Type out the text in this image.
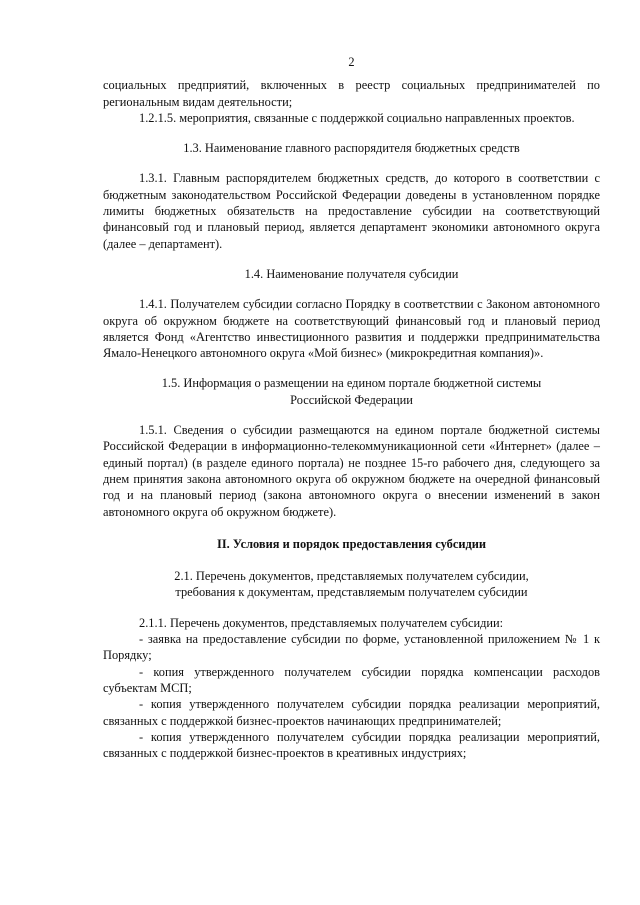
2

социальных предприятий, включенных в реестр социальных предпринимателей по региональным видам деятельности;

1.2.1.5. мероприятия, связанные с поддержкой социально направленных проектов.

1.3. Наименование главного распорядителя бюджетных средств

1.3.1. Главным распорядителем бюджетных средств, до которого в соответствии с бюджетным законодательством Российской Федерации доведены в установленном порядке лимиты бюджетных обязательств на предоставление субсидии на соответствующий финансовый год и плановый период, является департамент экономики автономного округа (далее – департамент).

1.4. Наименование получателя субсидии

1.4.1. Получателем субсидии согласно Порядку в соответствии с Законом автономного округа об окружном бюджете на соответствующий финансовый год и плановый период является Фонд «Агентство инвестиционного развития и поддержки предпринимательства Ямало-Ненецкого автономного округа «Мой бизнес» (микрокредитная компания)».

1.5. Информация о размещении на едином портале бюджетной системы
Российской Федерации

1.5.1. Сведения о субсидии размещаются на едином портале бюджетной системы Российской Федерации в информационно-телекоммуникационной сети «Интернет» (далее – единый портал) (в разделе единого портала) не позднее 15-го рабочего дня, следующего за днем принятия закона автономного округа об окружном бюджете на очередной финансовый год и на плановый период (закона автономного округа о внесении изменений в закон автономного округа об окружном бюджете).

II. Условия и порядок предоставления субсидии
2.1. Перечень документов, представляемых получателем субсидии,
требования к документам, представляемым получателем субсидии

2.1.1. Перечень документов, представляемых получателем субсидии:

- заявка на предоставление субсидии по форме, установленной приложением № 1 к Порядку;

- копия утвержденного получателем субсидии порядка компенсации расходов субъектам МСП;

- копия утвержденного получателем субсидии порядка реализации мероприятий, связанных с поддержкой бизнес-проектов начинающих предпринимателей;

- копия утвержденного получателем субсидии порядка реализации мероприятий, связанных с поддержкой бизнес-проектов в креативных индустриях;
